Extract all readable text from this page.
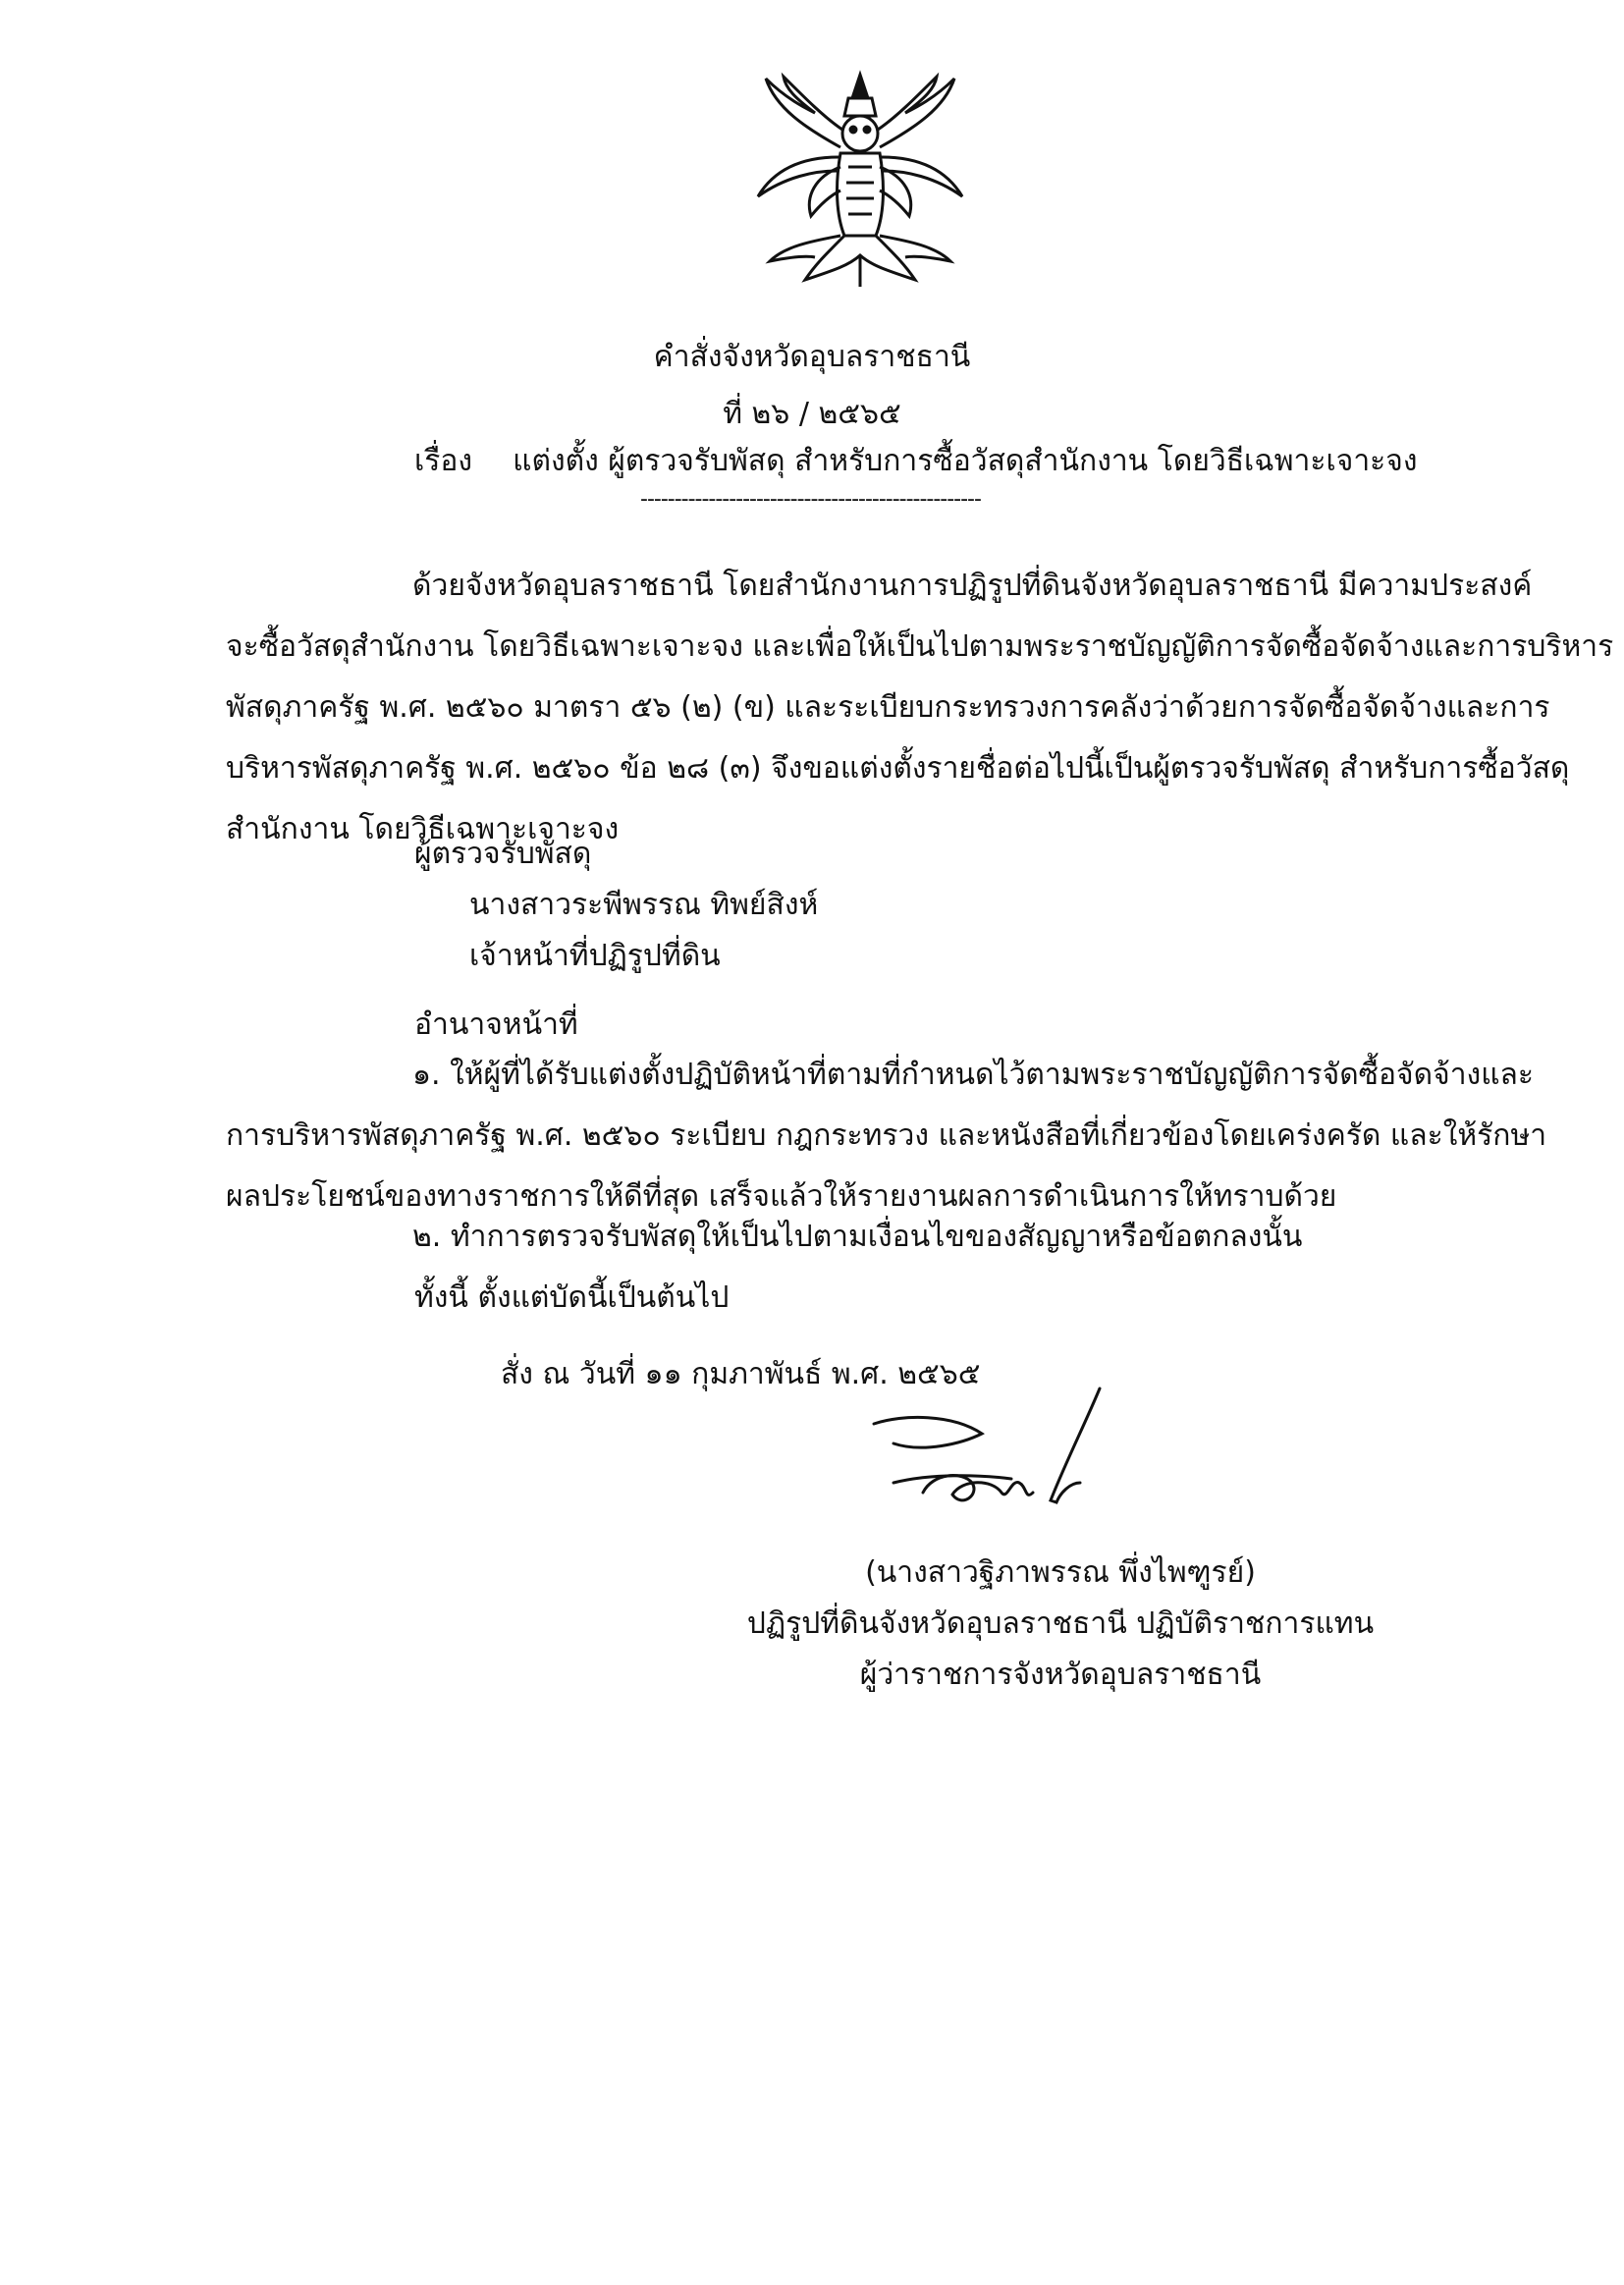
คำสั่งจังหวัดอุบลราชธานี
ที่ ๒๖ / ๒๕๖๕
เรื่อง แต่งตั้ง ผู้ตรวจรับพัสดุ สำหรับการซื้อวัสดุสำนักงาน โดยวิธีเฉพาะเจาะจง
--------------------------------------------------
ด้วยจังหวัดอุบลราชธานี โดยสำนักงานการปฏิรูปที่ดินจังหวัดอุบลราชธานี มีความประสงค์
จะซื้อวัสดุสำนักงาน โดยวิธีเฉพาะเจาะจง และเพื่อให้เป็นไปตามพระราชบัญญัติการจัดซื้อจัดจ้างและการบริหาร
พัสดุภาครัฐ พ.ศ. ๒๕๖๐ มาตรา ๕๖ (๒) (ข) และระเบียบกระทรวงการคลังว่าด้วยการจัดซื้อจัดจ้างและการ
บริหารพัสดุภาครัฐ พ.ศ. ๒๕๖๐ ข้อ ๒๘ (๓) จึงขอแต่งตั้งรายชื่อต่อไปนี้เป็นผู้ตรวจรับพัสดุ สำหรับการซื้อวัสดุ
สำนักงาน โดยวิธีเฉพาะเจาะจง
ผู้ตรวจรับพัสดุ
นางสาวระพีพรรณ ทิพย์สิงห์
เจ้าหน้าที่ปฏิรูปที่ดิน
อำนาจหน้าที่
๑. ให้ผู้ที่ได้รับแต่งตั้งปฏิบัติหน้าที่ตามที่กำหนดไว้ตามพระราชบัญญัติการจัดซื้อจัดจ้างและ
การบริหารพัสดุภาครัฐ พ.ศ. ๒๕๖๐ ระเบียบ กฎกระทรวง และหนังสือที่เกี่ยวข้องโดยเคร่งครัด และให้รักษา
ผลประโยชน์ของทางราชการให้ดีที่สุด เสร็จแล้วให้รายงานผลการดำเนินการให้ทราบด้วย
๒. ทำการตรวจรับพัสดุให้เป็นไปตามเงื่อนไขของสัญญาหรือข้อตกลงนั้น
ทั้งนี้ ตั้งแต่บัดนี้เป็นต้นไป
สั่ง ณ วันที่ ๑๑ กุมภาพันธ์ พ.ศ. ๒๕๖๕
(นางสาวฐิภาพรรณ พึ่งไพฑูรย์)
ปฏิรูปที่ดินจังหวัดอุบลราชธานี ปฏิบัติราชการแทน
ผู้ว่าราชการจังหวัดอุบลราชธานี
